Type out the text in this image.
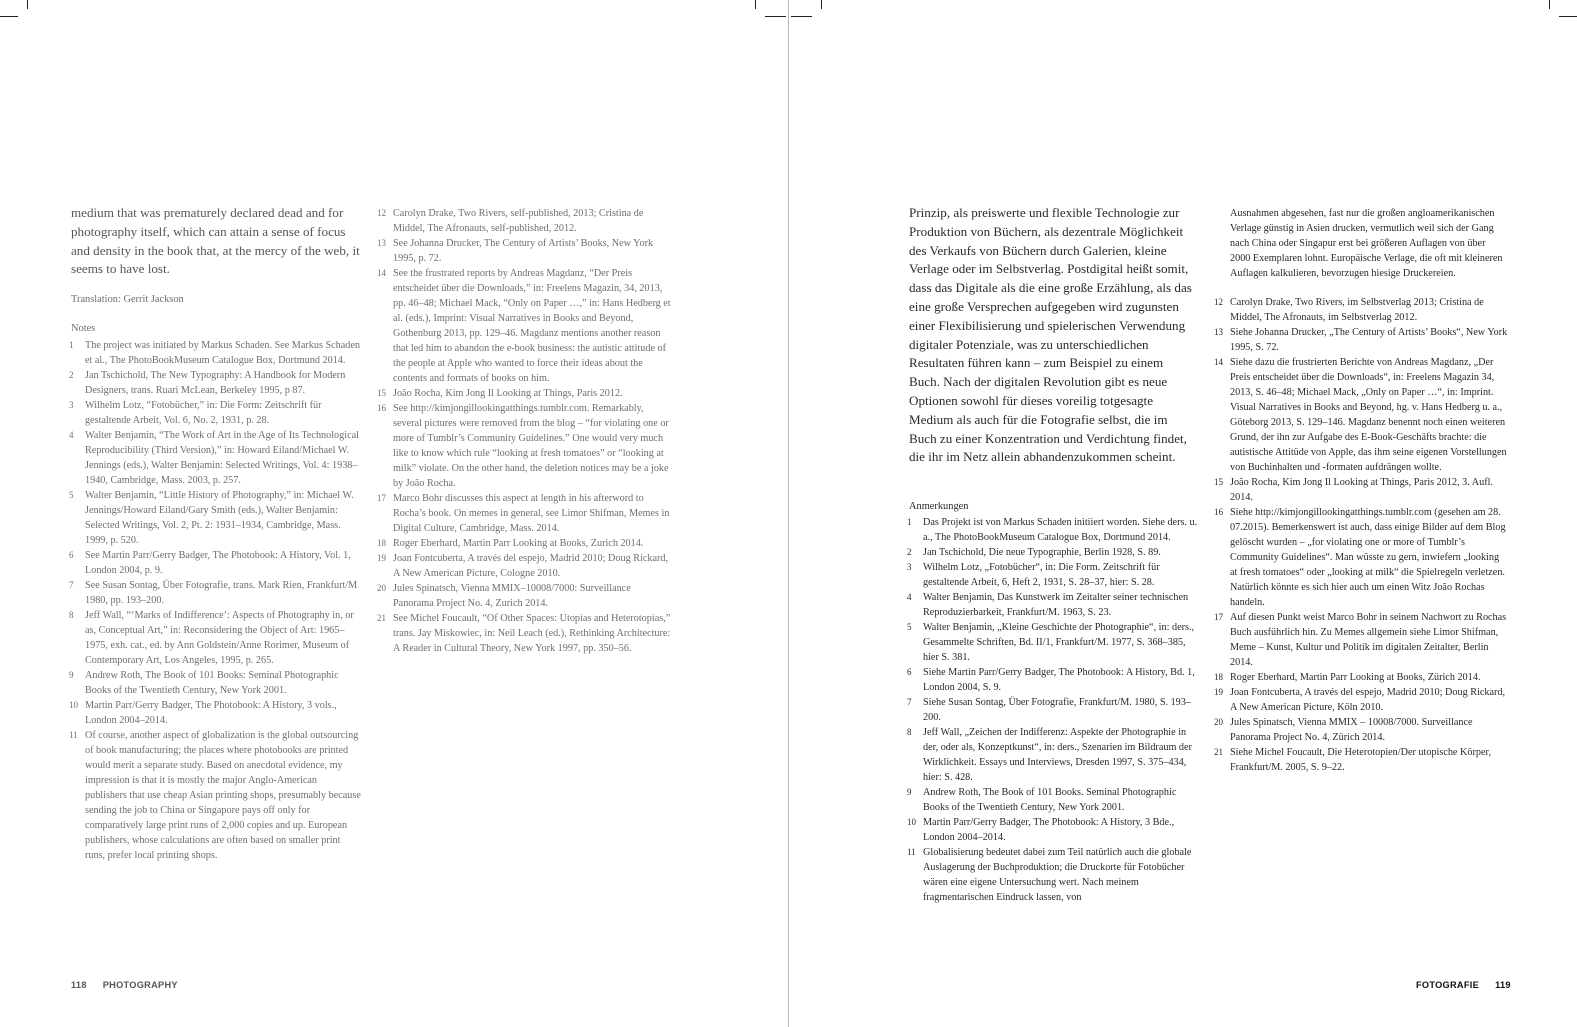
medium that was prematurely declared dead and for photography itself, which can attain a sense of focus and density in the book that, at the mercy of the web, it seems to have lost.

Translation: Gerrit Jackson

Notes

1	The project was initiated by Markus Schaden. See Markus Schaden et al., The PhotoBookMuseum Catalogue Box, Dortmund 2014.
2	Jan Tschichold, The New Typography: A Handbook for Modern Designers, trans. Ruari McLean, Berkeley 1995, p 87.
3	Wilhelm Lotz, “Fotobücher,” in: Die Form: Zeitschrift für gestaltende Arbeit, Vol. 6, No. 2, 1931, p. 28.
4	Walter Benjamin, “The Work of Art in the Age of Its Technological Reproducibility (Third Version),” in: Howard Eiland/Michael W. Jennings (eds.), Walter Benjamin: Selected Writings, Vol. 4: 1938–1940, Cambridge, Mass. 2003, p. 257.
5	Walter Benjamin, “Little History of Photography,” in: Michael W. Jennings/Howard Eiland/Gary Smith (eds.), Walter Benjamin: Selected Writings, Vol. 2, Pt. 2: 1931–1934, Cambridge, Mass. 1999, p. 520.
6	See Martin Parr/Gerry Badger, The Photobook: A History, Vol. 1, London 2004, p. 9.
7	See Susan Sontag, Über Fotografie, trans. Mark Rien, Frankfurt/M 1980, pp. 193–200.
8	Jeff Wall, “‘Marks of Indifference’: Aspects of Photography in, or as, Conceptual Art,” in: Reconsidering the Object of Art: 1965–1975, exh. cat., ed. by Ann Goldstein/Anne Rorimer, Museum of Contemporary Art, Los Angeles, 1995, p. 265.
9	Andrew Roth, The Book of 101 Books: Seminal Photographic Books of the Twentieth Century, New York 2001.
10 Martin Parr/Gerry Badger, The Photobook: A History, 3 vols., London 2004–2014.
11 Of course, another aspect of globalization is the global outsourcing of book manufacturing; the places where photobooks are printed would merit a separate study. Based on anecdotal evidence, my impression is that it is mostly the major Anglo-American publishers that use cheap Asian printing shops, presumably because sending the job to China or Singapore pays off only for comparatively large print runs of 2,000 copies and up. European publishers, whose calculations are often based on smaller print runs, prefer local printing shops.
12 Carolyn Drake, Two Rivers, self-published, 2013; Cristina de Middel, The Afronauts, self-published, 2012.
13 See Johanna Drucker, The Century of Artists’ Books, New York 1995, p. 72.
14 See the frustrated reports by Andreas Magdanz, “Der Preis entscheidet über die Downloads,” in: Freelens Magazin, 34, 2013, pp. 46–48; Michael Mack, “Only on Paper …,” in: Hans Hedberg et al. (eds.), Imprint: Visual Narratives in Books and Beyond, Gothenburg 2013, pp. 129–46. Magdanz mentions another reason that led him to abandon the e-book business: the autistic attitude of the people at Apple who wanted to force their ideas about the contents and formats of books on him.
15 João Rocha, Kim Jong Il Looking at Things, Paris 2012.
16 See http://kimjongillookingatthings.tumblr.com. Remarkably, several pictures were removed from the blog – “for violating one or more of Tumblr’s Community Guidelines.” One would very much like to know which rule “looking at fresh tomatoes” or “looking at milk” violate. On the other hand, the deletion notices may be a joke by João Rocha.
17 Marco Bohr discusses this aspect at length in his afterword to Rocha’s book. On memes in general, see Limor Shifman, Memes in Digital Culture, Cambridge, Mass. 2014.
18 Roger Eberhard, Martin Parr Looking at Books, Zurich 2014.
19 Joan Fontcuberta, A través del espejo, Madrid 2010; Doug Rickard, A New American Picture, Cologne 2010.
20 Jules Spinatsch, Vienna MMIX–10008/7000: Surveillance Panorama Project No. 4, Zurich 2014.
21 See Michel Foucault, “Of Other Spaces: Utopias and Heterotopias,” trans. Jay Miskowiec, in: Neil Leach (ed.), Rethinking Architecture: A Reader in Cultural Theory, New York 1997, pp. 350–56.
118 PHOTOGRAPHY

Prinzip, als preiswerte und flexible Technologie zur Produktion von Büchern, als dezentrale Möglichkeit des Verkaufs von Büchern durch Galerien, kleine Verlage oder im Selbstverlag. Postdigital heißt somit, dass das Digitale als die eine große Erzählung, als das eine große Versprechen aufgegeben wird zugunsten einer Flexibilisierung und spielerischen Verwendung digitaler Potenziale, was zu unterschiedlichen Resultaten führen kann – zum Beispiel zu einem Buch. Nach der digitalen Revolution gibt es neue Optionen sowohl für dieses voreilig totgesagte Medium als auch für die Fotografie selbst, die im Buch zu einer Konzentration und Verdichtung findet, die ihr im Netz allein abhandenzukommen scheint.

Anmerkungen

1	Das Projekt ist von Markus Schaden initiiert worden. Siehe ders. u. a., The PhotoBookMuseum Catalogue Box, Dortmund 2014.
2	Jan Tschichold, Die neue Typographie, Berlin 1928, S. 89.
3	Wilhelm Lotz, „Fotobücher“, in: Die Form. Zeitschrift für gestaltende Arbeit, 6, Heft 2, 1931, S. 28–37, hier: S. 28.
4	Walter Benjamin, Das Kunstwerk im Zeitalter seiner technischen Reproduzierbarkeit, Frankfurt/M. 1963, S. 23.
5	Walter Benjamin, „Kleine Geschichte der Photographie“, in: ders., Gesammelte Schriften, Bd. II/1, Frankfurt/M. 1977, S. 368–385, hier S. 381.
6	Siehe Martin Parr/Gerry Badger, The Photobook: A History, Bd. 1, London 2004, S. 9.
7	Siehe Susan Sontag, Über Fotografie, Frankfurt/M. 1980, S. 193–200.
8	Jeff Wall, „Zeichen der Indifferenz: Aspekte der Photographie in der, oder als, Konzeptkunst“, in: ders., Szenarien im Bildraum der Wirklichkeit. Essays und Interviews, Dresden 1997, S. 375–434, hier: S. 428.
9	Andrew Roth, The Book of 101 Books. Seminal Photographic Books of the Twentieth Century, New York 2001.
10 Martin Parr/Gerry Badger, The Photobook: A History, 3 Bde., London 2004–2014.
11 Globalisierung bedeutet dabei zum Teil natürlich auch die globale Auslagerung der Buchproduktion; die Druckorte für Fotobücher wären eine eigene Untersuchung wert. Nach meinem fragmentarischen Eindruck lassen, von

Ausnahmen abgesehen, fast nur die großen angloamerikanischen Verlage günstig in Asien drucken, vermutlich weil sich der Gang nach China oder Singapur erst bei größeren Auflagen von über 2000 Exemplaren lohnt. Europäische Verlage, die oft mit kleineren Auflagen kalkulieren, bevorzugen hiesige Druckereien.

12 Carolyn Drake, Two Rivers, im Selbstverlag 2013; Cristina de Middel, The Afronauts, im Selbstverlag 2012.
13 Siehe Johanna Drucker, „The Century of Artists’ Books“, New York 1995, S. 72.
14 Siehe dazu die frustrierten Berichte von Andreas Magdanz, „Der Preis entscheidet über die Downloads“, in: Freelens Magazin 34, 2013, S. 46–48; Michael Mack, „Only on Paper …“, in: Imprint. Visual Narratives in Books and Beyond, hg. v. Hans Hedberg u. a., Göteborg 2013, S. 129–146. Magdanz benennt noch einen weiteren Grund, der ihn zur Aufgabe des E-Book-Geschäfts brachte: die autistische Attitüde von Apple, das ihm seine eigenen Vorstellungen von Buchinhalten und -formaten aufdrängen wollte.
15 João Rocha, Kim Jong Il Looking at Things, Paris 2012, 3. Aufl. 2014.
16 Siehe http://kimjongillookingatthings.tumblr.com (gesehen am 28. 07.2015). Bemerkenswert ist auch, dass einige Bilder auf dem Blog gelöscht wurden – „for violating one or more of Tumblr’s Community Guidelines“. Man wüsste zu gern, inwiefern „looking at fresh tomatoes“ oder „looking at milk“ die Spielregeln verletzen. Natürlich könnte es sich hier auch um einen Witz João Rochas handeln.
17 Auf diesen Punkt weist Marco Bohr in seinem Nachwort zu Rochas Buch ausführlich hin. Zu Memes allgemein siehe Limor Shifman, Meme – Kunst, Kultur und Politik im digitalen Zeitalter, Berlin 2014.
18 Roger Eberhard, Martin Parr Looking at Books, Zürich 2014.
19 Joan Fontcuberta, A través del espejo, Madrid 2010; Doug Rickard, A New American Picture, Köln 2010.
20 Jules Spinatsch, Vienna MMIX – 10008/7000. Surveillance Panorama Project No. 4, Zürich 2014.
21 Siehe Michel Foucault, Die Heterotopien/Der utopische Körper, Frankfurt/M. 2005, S. 9–22.
FOTOGRAFIE 119
